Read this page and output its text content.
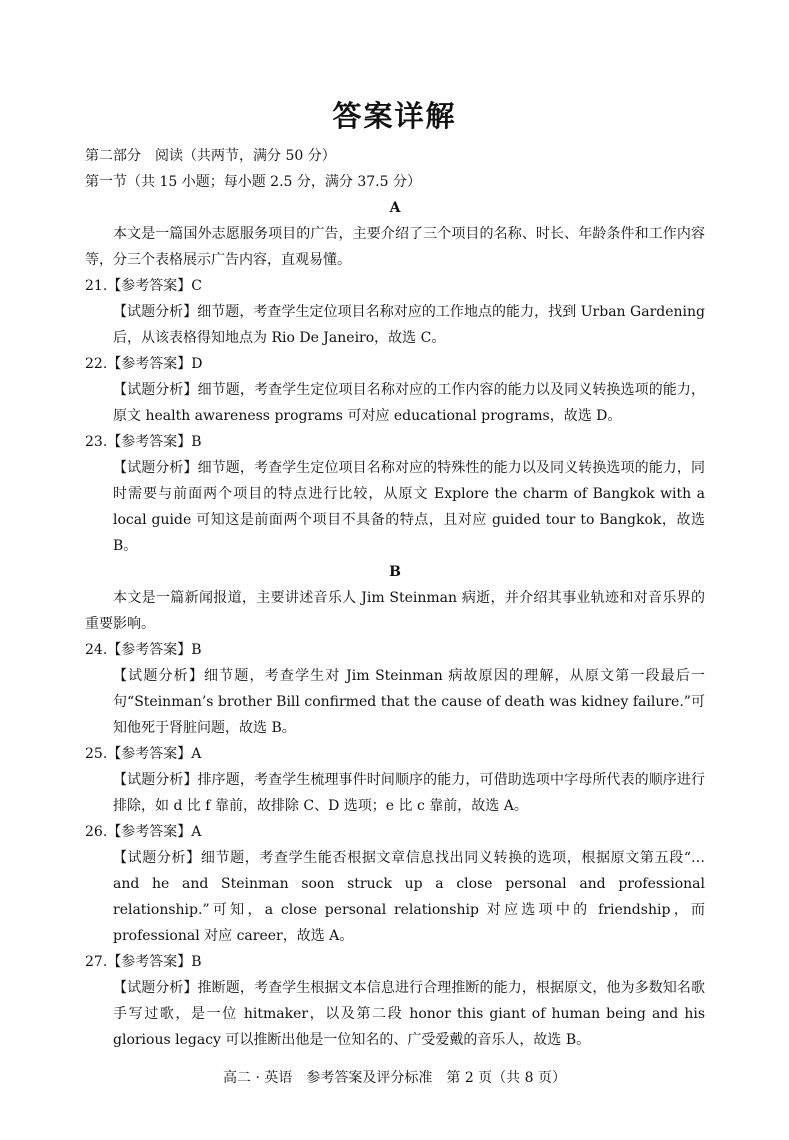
答案详解
第二部分　阅读（共两节，满分 50 分）
第一节（共 15 小题；每小题 2.5 分，满分 37.5 分）
A
本文是一篇国外志愿服务项目的广告，主要介绍了三个项目的名称、时长、年龄条件和工作内容等，分三个表格展示广告内容，直观易懂。
21.【参考答案】C
【试题分析】细节题，考查学生定位项目名称对应的工作地点的能力，找到 Urban Gardening后，从该表格得知地点为 Rio De Janeiro，故选 C。
22.【参考答案】D
【试题分析】细节题，考查学生定位项目名称对应的工作内容的能力以及同义转换选项的能力，原文 health awareness programs 可对应 educational programs，故选 D。
23.【参考答案】B
【试题分析】细节题，考查学生定位项目名称对应的特殊性的能力以及同义转换选项的能力，同时需要与前面两个项目的特点进行比较，从原文 Explore the charm of Bangkok with a local guide 可知这是前面两个项目不具备的特点，且对应 guided tour to Bangkok，故选 B。
B
本文是一篇新闻报道，主要讲述音乐人 Jim Steinman 病逝，并介绍其事业轨迹和对音乐界的重要影响。
24.【参考答案】B
【试题分析】细节题，考查学生对 Jim Steinman 病故原因的理解，从原文第一段最后一句“Steinman’s brother Bill confirmed that the cause of death was kidney failure.”可知他死于肾脏问题，故选 B。
25.【参考答案】A
【试题分析】排序题，考查学生梳理事件时间顺序的能力，可借助选项中字母所代表的顺序进行排除，如 d 比 f 靠前，故排除 C、D 选项；e 比 c 靠前，故选 A。
26.【参考答案】A
【试题分析】细节题，考查学生能否根据文章信息找出同义转换的选项，根据原文第五段“… and he and Steinman soon struck up a close personal and professional relationship.”可知，a close personal relationship 对应选项中的 friendship，而 professional 对应 career，故选 A。
27.【参考答案】B
【试题分析】推断题，考查学生根据文本信息进行合理推断的能力，根据原文，他为多数知名歌手写过歌，是一位 hitmaker，以及第二段 honor this giant of human being and his glorious legacy 可以推断出他是一位知名的、广受爱戴的音乐人，故选 B。
高二 · 英语　参考答案及评分标准　第 2 页（共 8 页）
